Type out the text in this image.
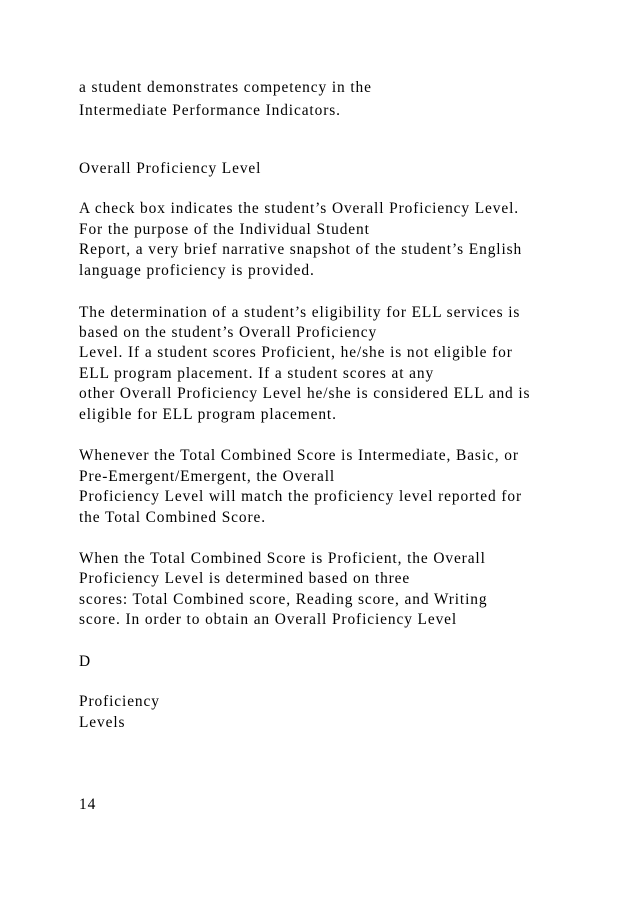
a student demonstrates competency in the
Intermediate Performance Indicators.
Overall Proficiency Level
A check box indicates the student’s Overall Proficiency Level.
For the purpose of the Individual Student
Report, a very brief narrative snapshot of the student’s English
language proficiency is provided.
The determination of a student’s eligibility for ELL services is
based on the student’s Overall Proficiency
Level. If a student scores Proficient, he/she is not eligible for
ELL program placement. If a student scores at any
other Overall Proficiency Level he/she is considered ELL and is
eligible for ELL program placement.
Whenever the Total Combined Score is Intermediate, Basic, or
Pre-Emergent/Emergent, the Overall
Proficiency Level will match the proficiency level reported for
the Total Combined Score.
When the Total Combined Score is Proficient, the Overall
Proficiency Level is determined based on three
scores: Total Combined score, Reading score, and Writing
score. In order to obtain an Overall Proficiency Level
D
Proficiency
Levels
14
